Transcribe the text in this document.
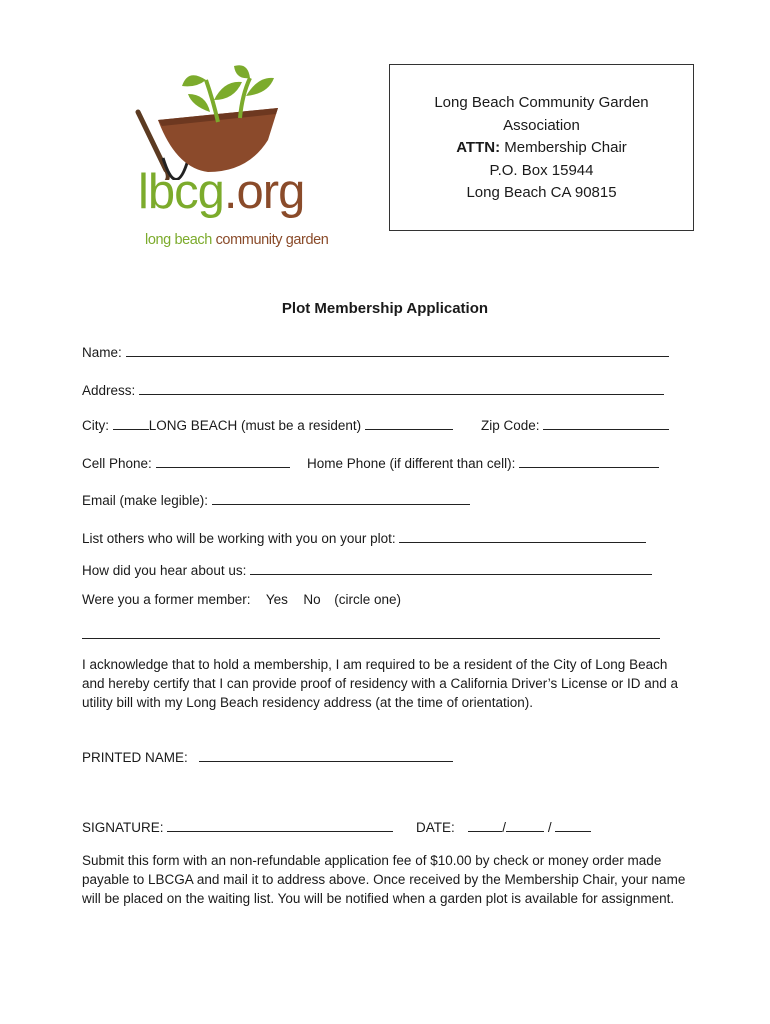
lbcg.org
long beach community garden
Long Beach Community Garden
Association
ATTN: Membership Chair
P.O. Box 15944
Long Beach CA 90815
Plot Membership Application
Name:
Address:
City:	LONG BEACH (must be a resident)	Zip Code:
Cell Phone:	Home Phone (if different than cell):
Email (make legible):
List others who will be working with you on your plot:
How did you hear about us:
Were you a former member: Yes No (circle one)
I acknowledge that to hold a membership, I am required to be a resident of the City of Long Beach and hereby certify that I can provide proof of residency with a California Driver’s License or ID and a utility bill with my Long Beach residency address (at the time of orientation).
PRINTED NAME:
SIGNATURE:	DATE:	/	/
Submit this form with an non-refundable application fee of $10.00 by check or money order made payable to LBCGA and mail it to address above. Once received by the Membership Chair, your name will be placed on the waiting list. You will be notified when a garden plot is available for assignment.
